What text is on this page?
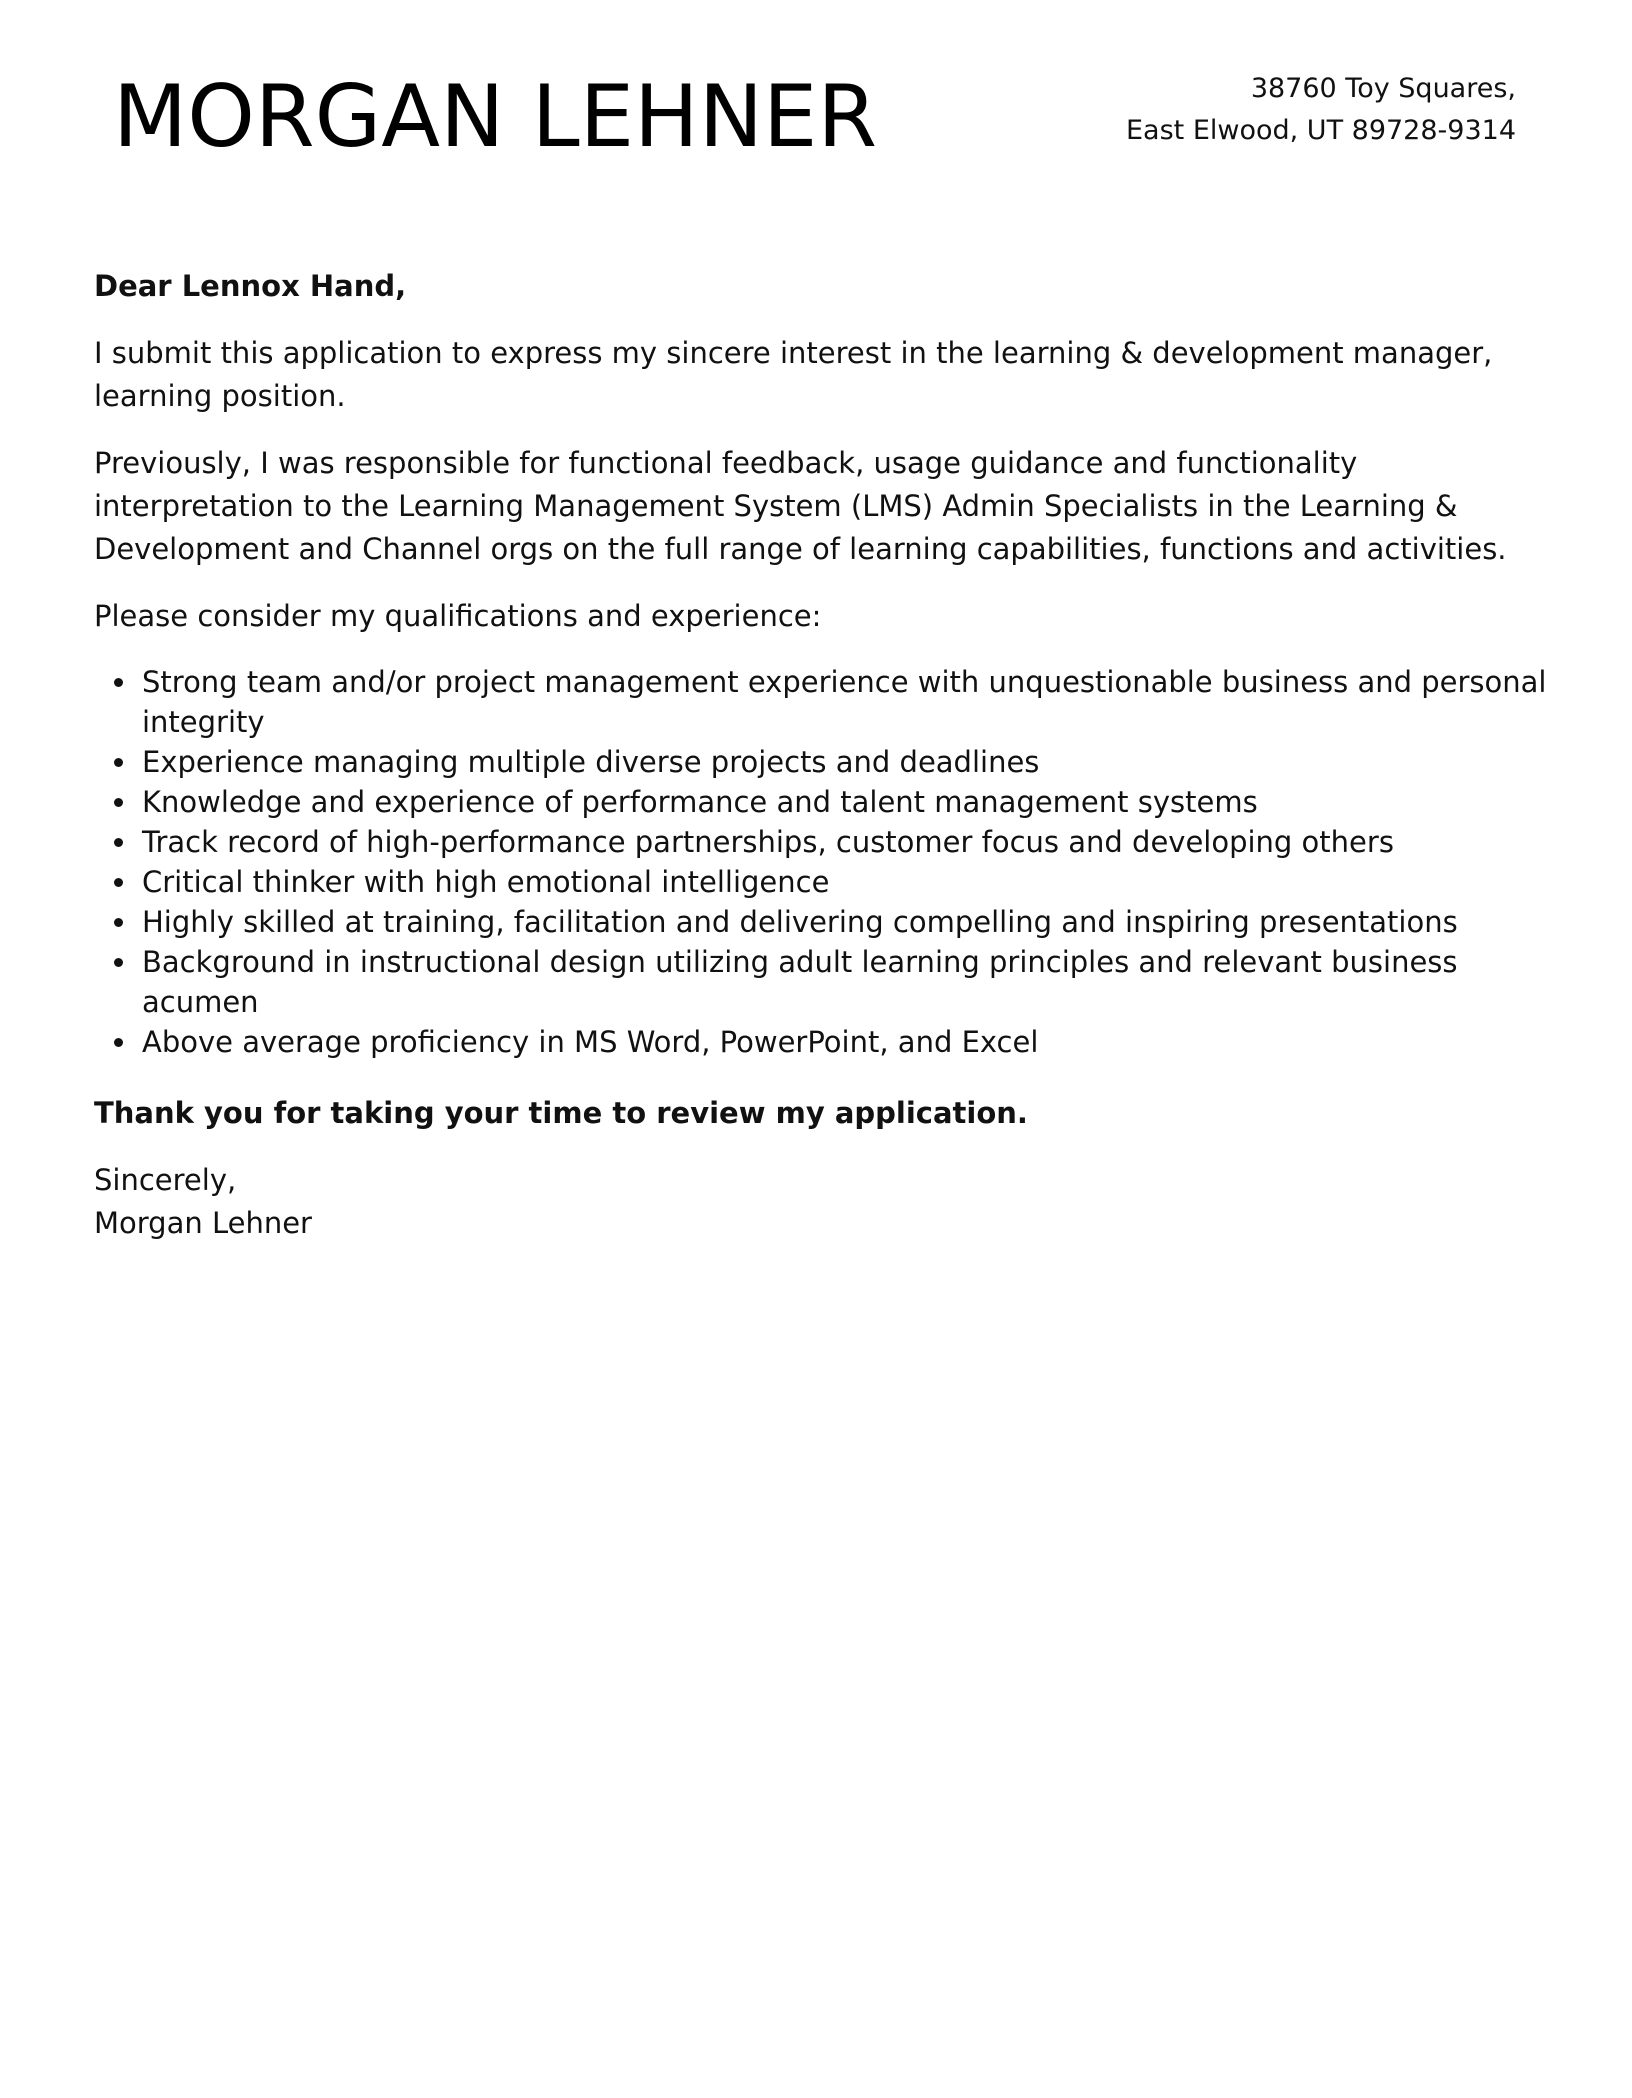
MORGAN LEHNER	38760 Toy Squares,
East Elwood, UT 89728-9314
Dear Lennox Hand,
I submit this application to express my sincere interest in the learning & development manager, learning position.
Previously, I was responsible for functional feedback, usage guidance and functionality interpretation to the Learning Management System (LMS) Admin Specialists in the Learning & Development and Channel orgs on the full range of learning capabilities, functions and activities.
Please consider my qualifications and experience:
Strong team and/or project management experience with unquestionable business and personal integrity
Experience managing multiple diverse projects and deadlines
Knowledge and experience of performance and talent management systems
Track record of high-performance partnerships, customer focus and developing others
Critical thinker with high emotional intelligence
Highly skilled at training, facilitation and delivering compelling and inspiring presentations
Background in instructional design utilizing adult learning principles and relevant business acumen
Above average proficiency in MS Word, PowerPoint, and Excel
Thank you for taking your time to review my application.
Sincerely,
Morgan Lehner
